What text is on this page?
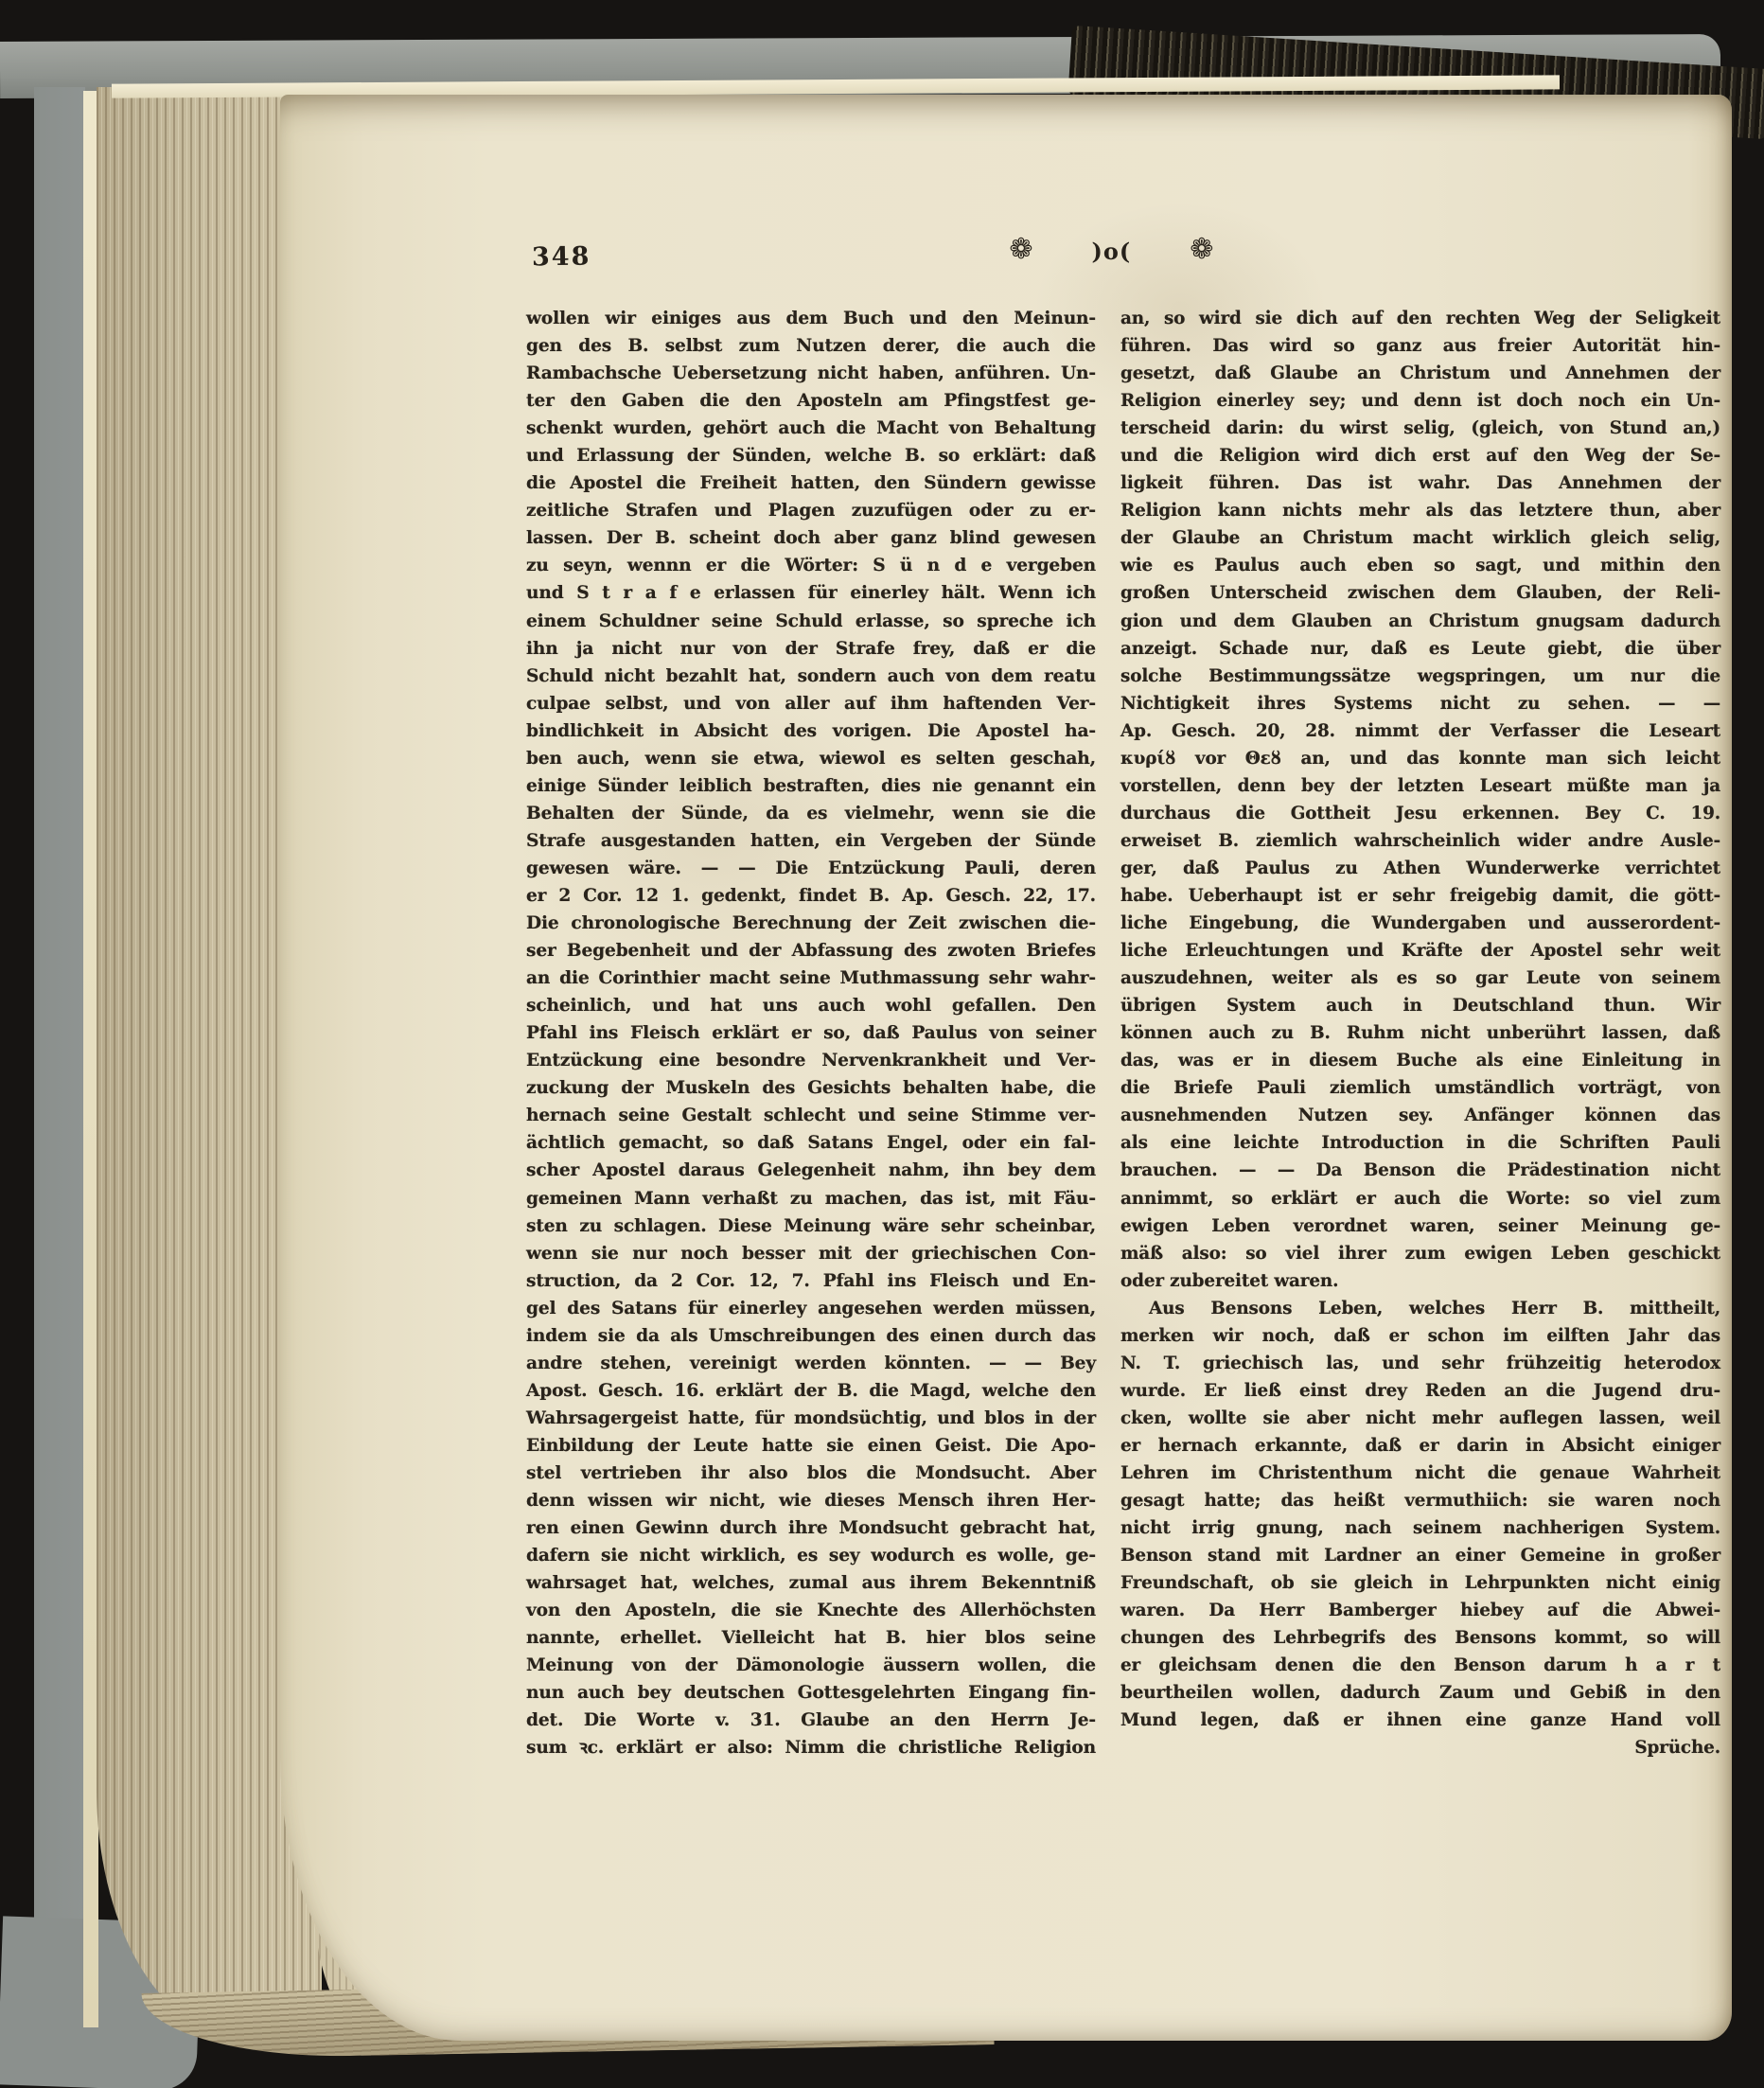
348	❁	)o( ❁
wollen wir einiges aus dem Buch und den Meinun-
gen des B. selbst zum Nutzen derer, die auch die
Rambachsche Uebersetzung nicht haben, anführen. Un-
ter den Gaben die den Aposteln am Pfingstfest ge-
schenkt wurden, gehört auch die Macht von Behaltung
und Erlassung der Sünden, welche B. so erklärt: daß
die Apostel die Freiheit hatten, den Sündern gewisse
zeitliche Strafen und Plagen zuzufügen oder zu er-
lassen. Der B. scheint doch aber ganz blind gewesen
zu seyn, wennn er die Wörter: S ü n d e vergeben
und S t r a f e erlassen für einerley hält. Wenn ich
einem Schuldner seine Schuld erlasse, so spreche ich
ihn ja nicht nur von der Strafe frey, daß er die
Schuld nicht bezahlt hat, sondern auch von dem reatu
culpae selbst, und von aller auf ihm haftenden Ver-
bindlichkeit in Absicht des vorigen. Die Apostel ha-
ben auch, wenn sie etwa, wiewol es selten geschah,
einige Sünder leiblich bestraften, dies nie genannt ein
Behalten der Sünde, da es vielmehr, wenn sie die
Strafe ausgestanden hatten, ein Vergeben der Sünde
gewesen wäre. — — Die Entzückung Pauli, deren
er 2 Cor. 12 1. gedenkt, findet B. Ap. Gesch. 22, 17.
Die chronologische Berechnung der Zeit zwischen die-
ser Begebenheit und der Abfassung des zwoten Briefes
an die Corinthier macht seine Muthmassung sehr wahr-
scheinlich, und hat uns auch wohl gefallen. Den
Pfahl ins Fleisch erklärt er so, daß Paulus von seiner
Entzückung eine besondre Nervenkrankheit und Ver-
zuckung der Muskeln des Gesichts behalten habe, die
hernach seine Gestalt schlecht und seine Stimme ver-
ächtlich gemacht, so daß Satans Engel, oder ein fal-
scher Apostel daraus Gelegenheit nahm, ihn bey dem
gemeinen Mann verhaßt zu machen, das ist, mit Fäu-
sten zu schlagen. Diese Meinung wäre sehr scheinbar,
wenn sie nur noch besser mit der griechischen Con-
struction, da 2 Cor. 12, 7. Pfahl ins Fleisch und En-
gel des Satans für einerley angesehen werden müssen,
indem sie da als Umschreibungen des einen durch das
andre stehen, vereinigt werden könnten. — — Bey
Apost. Gesch. 16. erklärt der B. die Magd, welche den
Wahrsagergeist hatte, für mondsüchtig, und blos in der
Einbildung der Leute hatte sie einen Geist. Die Apo-
stel vertrieben ihr also blos die Mondsucht. Aber
denn wissen wir nicht, wie dieses Mensch ihren Her-
ren einen Gewinn durch ihre Mondsucht gebracht hat,
dafern sie nicht wirklich, es sey wodurch es wolle, ge-
wahrsaget hat, welches, zumal aus ihrem Bekenntniß
von den Aposteln, die sie Knechte des Allerhöchsten
nannte, erhellet. Vielleicht hat B. hier blos seine
Meinung von der Dämonologie äussern wollen, die
nun auch bey deutschen Gottesgelehrten Eingang fin-
det. Die Worte v. 31. Glaube an den Herrn Je-
sum ꝛc. erklärt er also: Nimm die christliche Religion
an, so wird sie dich auf den rechten Weg der Seligkeit
führen. Das wird so ganz aus freier Autorität hin-
gesetzt, daß Glaube an Christum und Annehmen der
Religion einerley sey; und denn ist doch noch ein Un-
terscheid darin: du wirst selig, (gleich, von Stund an,)
und die Religion wird dich erst auf den Weg der Se-
ligkeit führen. Das ist wahr. Das Annehmen der
Religion kann nichts mehr als das letztere thun, aber
der Glaube an Christum macht wirklich gleich selig,
wie es Paulus auch eben so sagt, und mithin den
großen Unterscheid zwischen dem Glauben, der Reli-
gion und dem Glauben an Christum gnugsam dadurch
anzeigt. Schade nur, daß es Leute giebt, die über
solche Bestimmungssätze wegspringen, um nur die
Nichtigkeit ihres Systems nicht zu sehen. — —
Ap. Gesch. 20, 28. nimmt der Verfasser die Leseart
κυρίȣ vor Θεȣ an, und das konnte man sich leicht
vorstellen, denn bey der letzten Leseart müßte man ja
durchaus die Gottheit Jesu erkennen. Bey C. 19.
erweiset B. ziemlich wahrscheinlich wider andre Ausle-
ger, daß Paulus zu Athen Wunderwerke verrichtet
habe. Ueberhaupt ist er sehr freigebig damit, die gött-
liche Eingebung, die Wundergaben und ausserordent-
liche Erleuchtungen und Kräfte der Apostel sehr weit
auszudehnen, weiter als es so gar Leute von seinem
übrigen System auch in Deutschland thun. Wir
können auch zu B. Ruhm nicht unberührt lassen, daß
das, was er in diesem Buche als eine Einleitung in
die Briefe Pauli ziemlich umständlich vorträgt, von
ausnehmenden Nutzen sey. Anfänger können das
als eine leichte Introduction in die Schriften Pauli
brauchen. — — Da Benson die Prädestination nicht
annimmt, so erklärt er auch die Worte: so viel zum
ewigen Leben verordnet waren, seiner Meinung ge-
mäß also: so viel ihrer zum ewigen Leben geschickt
oder zubereitet waren.
Aus Bensons Leben, welches Herr B. mittheilt,
merken wir noch, daß er schon im eilften Jahr das
N. T. griechisch las, und sehr frühzeitig heterodox
wurde. Er ließ einst drey Reden an die Jugend dru-
cken, wollte sie aber nicht mehr auflegen lassen, weil
er hernach erkannte, daß er darin in Absicht einiger
Lehren im Christenthum nicht die genaue Wahrheit
gesagt hatte; das heißt vermuthiich: sie waren noch
nicht irrig gnung, nach seinem nachherigen System.
Benson stand mit Lardner an einer Gemeine in großer
Freundschaft, ob sie gleich in Lehrpunkten nicht einig
waren. Da Herr Bamberger hiebey auf die Abwei-
chungen des Lehrbegrifs des Bensons kommt, so will
er gleichsam denen die den Benson darum h a r t
beurtheilen wollen, dadurch Zaum und Gebiß in den
Mund legen, daß er ihnen eine ganze Hand voll
Sprüche.
